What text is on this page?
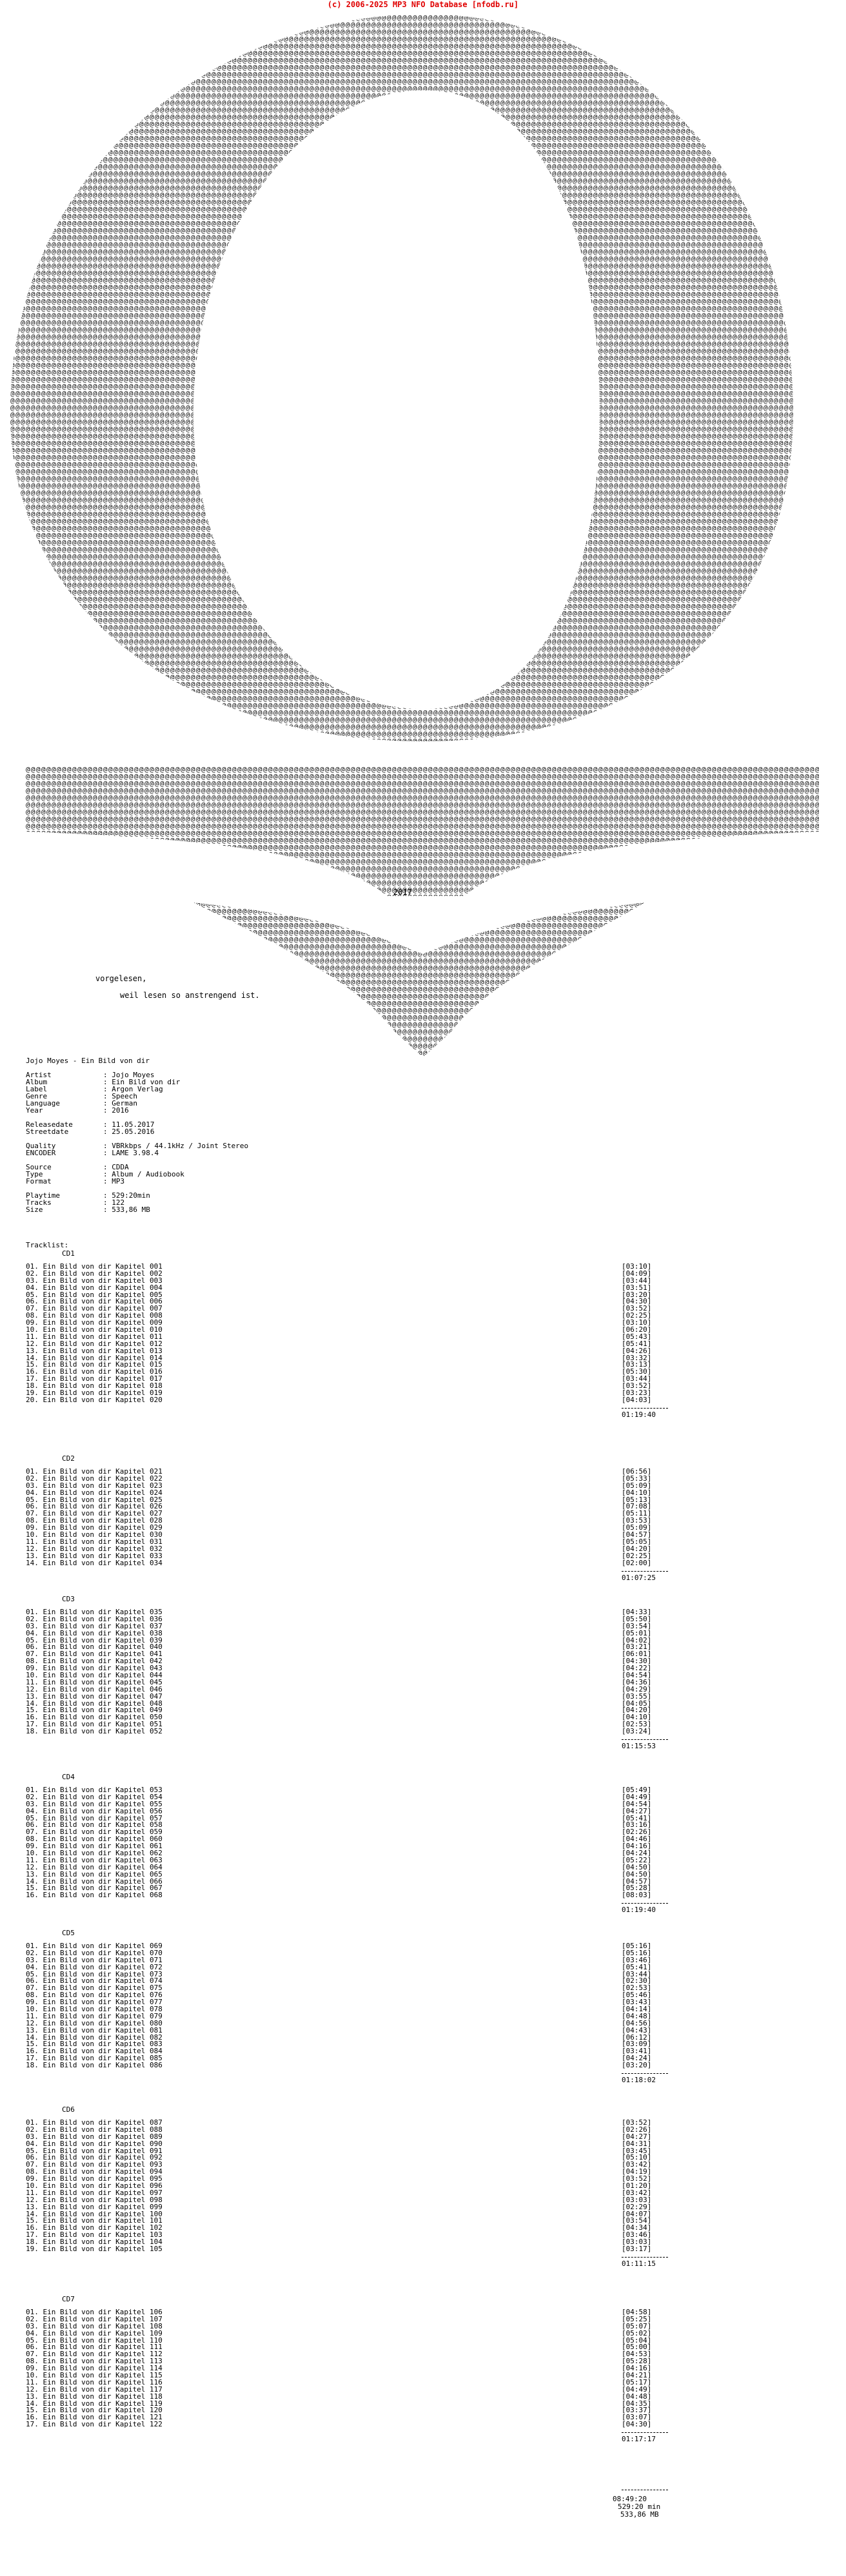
(c) 2006-2025 MP3 NFO Database [nfodb.ru]
2017
vorgelesen,
weil lesen so anstrengend ist.
Jojo Moyes - Ein Bild von dir
Artist	: Jojo Moyes
Album	: Ein Bild von dir
Label	: Argon Verlag
Genre	: Speech
Language	: German
Year	: 2016
Releasedate	: 11.05.2017
Streetdate	: 25.05.2016
Quality	: VBRkbps / 44.1kHz / Joint Stereo
ENCODER	: LAME 3.98.4
Source	: CDDA
Type	: Album / Audiobook
Format	: MP3
Playtime	: 529:20min
Tracks	: 122
Size	: 533,86 MB
Tracklist:
CD1
01. Ein Bild von dir Kapitel 001	[03:10]
02. Ein Bild von dir Kapitel 002	[04:09]
03. Ein Bild von dir Kapitel 003	[03:44]
04. Ein Bild von dir Kapitel 004	[03:51]
05. Ein Bild von dir Kapitel 005	[03:20]
06. Ein Bild von dir Kapitel 006	[04:30]
07. Ein Bild von dir Kapitel 007	[03:52]
08. Ein Bild von dir Kapitel 008	[02:25]
09. Ein Bild von dir Kapitel 009	[03:10]
10. Ein Bild von dir Kapitel 010	[06:20]
11. Ein Bild von dir Kapitel 011	[05:43]
12. Ein Bild von dir Kapitel 012	[05:41]
13. Ein Bild von dir Kapitel 013	[04:26]
14. Ein Bild von dir Kapitel 014	[03:32]
15. Ein Bild von dir Kapitel 015	[03:13]
16. Ein Bild von dir Kapitel 016	[05:30]
17. Ein Bild von dir Kapitel 017	[03:44]
18. Ein Bild von dir Kapitel 018	[03:52]
19. Ein Bild von dir Kapitel 019	[03:23]
20. Ein Bild von dir Kapitel 020	[04:03]
01:19:40
CD2
01. Ein Bild von dir Kapitel 021	[06:56]
02. Ein Bild von dir Kapitel 022	[05:33]
03. Ein Bild von dir Kapitel 023	[05:09]
04. Ein Bild von dir Kapitel 024	[04:10]
05. Ein Bild von dir Kapitel 025	[05:13]
06. Ein Bild von dir Kapitel 026	[07:08]
07. Ein Bild von dir Kapitel 027	[05:11]
08. Ein Bild von dir Kapitel 028	[03:53]
09. Ein Bild von dir Kapitel 029	[05:09]
10. Ein Bild von dir Kapitel 030	[04:57]
11. Ein Bild von dir Kapitel 031	[05:05]
12. Ein Bild von dir Kapitel 032	[04:20]
13. Ein Bild von dir Kapitel 033	[02:25]
14. Ein Bild von dir Kapitel 034	[02:00]
01:07:25
CD3
01. Ein Bild von dir Kapitel 035	[04:33]
02. Ein Bild von dir Kapitel 036	[05:50]
03. Ein Bild von dir Kapitel 037	[03:54]
04. Ein Bild von dir Kapitel 038	[05:01]
05. Ein Bild von dir Kapitel 039	[04:02]
06. Ein Bild von dir Kapitel 040	[03:21]
07. Ein Bild von dir Kapitel 041	[06:01]
08. Ein Bild von dir Kapitel 042	[04:30]
09. Ein Bild von dir Kapitel 043	[04:22]
10. Ein Bild von dir Kapitel 044	[04:54]
11. Ein Bild von dir Kapitel 045	[04:36]
12. Ein Bild von dir Kapitel 046	[04:29]
13. Ein Bild von dir Kapitel 047	[03:55]
14. Ein Bild von dir Kapitel 048	[04:05]
15. Ein Bild von dir Kapitel 049	[04:20]
16. Ein Bild von dir Kapitel 050	[04:10]
17. Ein Bild von dir Kapitel 051	[02:53]
18. Ein Bild von dir Kapitel 052	[03:24]
01:15:53
CD4
01. Ein Bild von dir Kapitel 053	[05:49]
02. Ein Bild von dir Kapitel 054	[04:49]
03. Ein Bild von dir Kapitel 055	[04:54]
04. Ein Bild von dir Kapitel 056	[04:27]
05. Ein Bild von dir Kapitel 057	[05:41]
06. Ein Bild von dir Kapitel 058	[03:16]
07. Ein Bild von dir Kapitel 059	[02:26]
08. Ein Bild von dir Kapitel 060	[04:46]
09. Ein Bild von dir Kapitel 061	[04:16]
10. Ein Bild von dir Kapitel 062	[04:24]
11. Ein Bild von dir Kapitel 063	[05:22]
12. Ein Bild von dir Kapitel 064	[04:50]
13. Ein Bild von dir Kapitel 065	[04:50]
14. Ein Bild von dir Kapitel 066	[04:57]
15. Ein Bild von dir Kapitel 067	[05:28]
16. Ein Bild von dir Kapitel 068	[08:03]
01:19:40
CD5
01. Ein Bild von dir Kapitel 069	[05:16]
02. Ein Bild von dir Kapitel 070	[05:16]
03. Ein Bild von dir Kapitel 071	[03:46]
04. Ein Bild von dir Kapitel 072	[05:41]
05. Ein Bild von dir Kapitel 073	[03:44]
06. Ein Bild von dir Kapitel 074	[02:30]
07. Ein Bild von dir Kapitel 075	[02:53]
08. Ein Bild von dir Kapitel 076	[05:46]
09. Ein Bild von dir Kapitel 077	[03:43]
10. Ein Bild von dir Kapitel 078	[04:14]
11. Ein Bild von dir Kapitel 079	[04:48]
12. Ein Bild von dir Kapitel 080	[04:56]
13. Ein Bild von dir Kapitel 081	[04:43]
14. Ein Bild von dir Kapitel 082	[06:12]
15. Ein Bild von dir Kapitel 083	[03:09]
16. Ein Bild von dir Kapitel 084	[03:41]
17. Ein Bild von dir Kapitel 085	[04:24]
18. Ein Bild von dir Kapitel 086	[03:20]
01:18:02
CD6
01. Ein Bild von dir Kapitel 087	[03:52]
02. Ein Bild von dir Kapitel 088	[02:26]
03. Ein Bild von dir Kapitel 089	[04:27]
04. Ein Bild von dir Kapitel 090	[04:31]
05. Ein Bild von dir Kapitel 091	[03:45]
06. Ein Bild von dir Kapitel 092	[05:10]
07. Ein Bild von dir Kapitel 093	[03:42]
08. Ein Bild von dir Kapitel 094	[04:19]
09. Ein Bild von dir Kapitel 095	[03:52]
10. Ein Bild von dir Kapitel 096	[01:20]
11. Ein Bild von dir Kapitel 097	[03:42]
12. Ein Bild von dir Kapitel 098	[03:03]
13. Ein Bild von dir Kapitel 099	[02:29]
14. Ein Bild von dir Kapitel 100	[04:07]
15. Ein Bild von dir Kapitel 101	[03:54]
16. Ein Bild von dir Kapitel 102	[04:34]
17. Ein Bild von dir Kapitel 103	[03:46]
18. Ein Bild von dir Kapitel 104	[03:03]
19. Ein Bild von dir Kapitel 105	[03:17]
01:11:15
CD7
01. Ein Bild von dir Kapitel 106	[04:58]
02. Ein Bild von dir Kapitel 107	[05:25]
03. Ein Bild von dir Kapitel 108	[05:07]
04. Ein Bild von dir Kapitel 109	[05:02]
05. Ein Bild von dir Kapitel 110	[05:04]
06. Ein Bild von dir Kapitel 111	[05:00]
07. Ein Bild von dir Kapitel 112	[04:53]
08. Ein Bild von dir Kapitel 113	[05:28]
09. Ein Bild von dir Kapitel 114	[04:16]
10. Ein Bild von dir Kapitel 115	[04:21]
11. Ein Bild von dir Kapitel 116	[05:17]
12. Ein Bild von dir Kapitel 117	[04:49]
13. Ein Bild von dir Kapitel 118	[04:48]
14. Ein Bild von dir Kapitel 119	[04:35]
15. Ein Bild von dir Kapitel 120	[03:37]
16. Ein Bild von dir Kapitel 121	[03:07]
17. Ein Bild von dir Kapitel 122	[04:30]
01:17:17
08:49:20
529:20 min
533,86 MB
